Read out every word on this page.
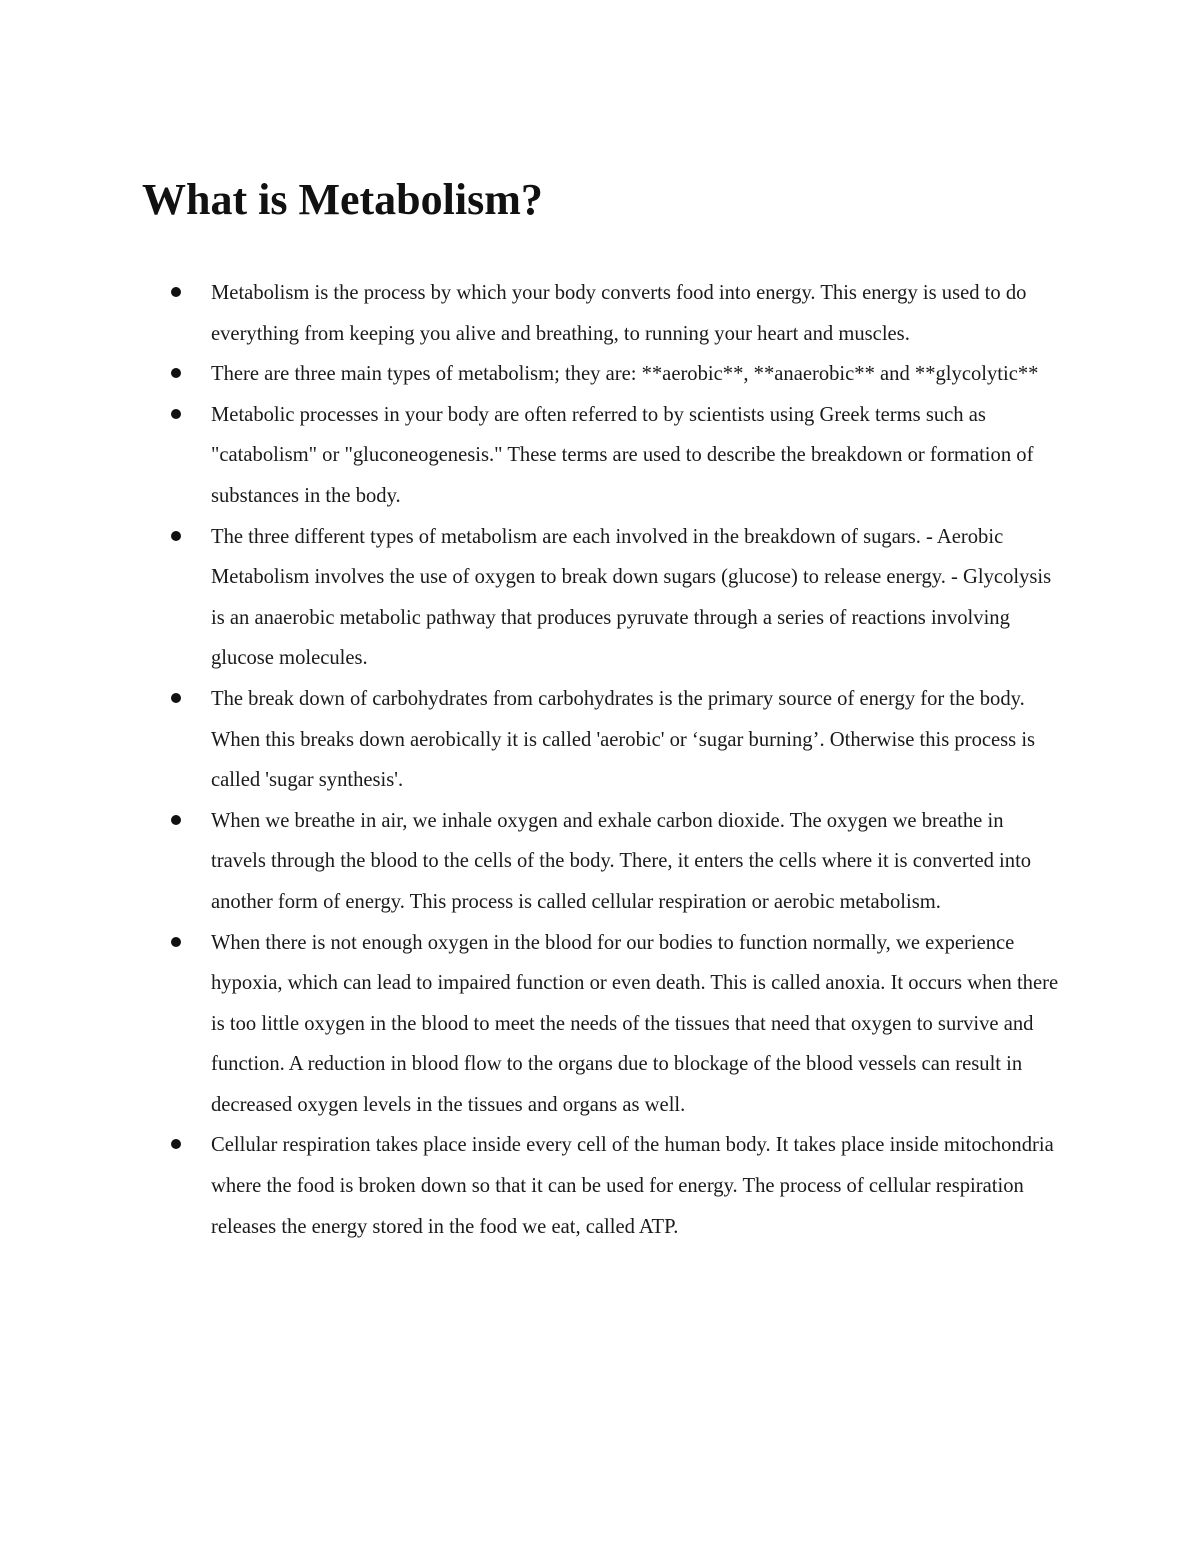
What is Metabolism?
Metabolism is the process by which your body converts food into energy. This energy is used to do everything from keeping you alive and breathing, to running your heart and muscles.
There are three main types of metabolism; they are: **aerobic**, **anaerobic** and **glycolytic**
Metabolic processes in your body are often referred to by scientists using Greek terms such as "catabolism" or "gluconeogenesis." These terms are used to describe the breakdown or formation of substances in the body.
The three different types of metabolism are each involved in the breakdown of sugars. - Aerobic Metabolism involves the use of oxygen to break down sugars (glucose) to release energy. - Glycolysis is an anaerobic metabolic pathway that produces pyruvate through a series of reactions involving glucose molecules.
The break down of carbohydrates from carbohydrates is the primary source of energy for the body. When this breaks down aerobically it is called 'aerobic' or ‘sugar burning’. Otherwise this process is called 'sugar synthesis'.
When we breathe in air, we inhale oxygen and exhale carbon dioxide. The oxygen we breathe in travels through the blood to the cells of the body. There, it enters the cells where it is converted into another form of energy. This process is called cellular respiration or aerobic metabolism.
When there is not enough oxygen in the blood for our bodies to function normally, we experience hypoxia, which can lead to impaired function or even death. This is called anoxia. It occurs when there is too little oxygen in the blood to meet the needs of the tissues that need that oxygen to survive and function. A reduction in blood flow to the organs due to blockage of the blood vessels can result in decreased oxygen levels in the tissues and organs as well.
Cellular respiration takes place inside every cell of the human body. It takes place inside mitochondria where the food is broken down so that it can be used for energy. The process of cellular respiration releases the energy stored in the food we eat, called ATP.
